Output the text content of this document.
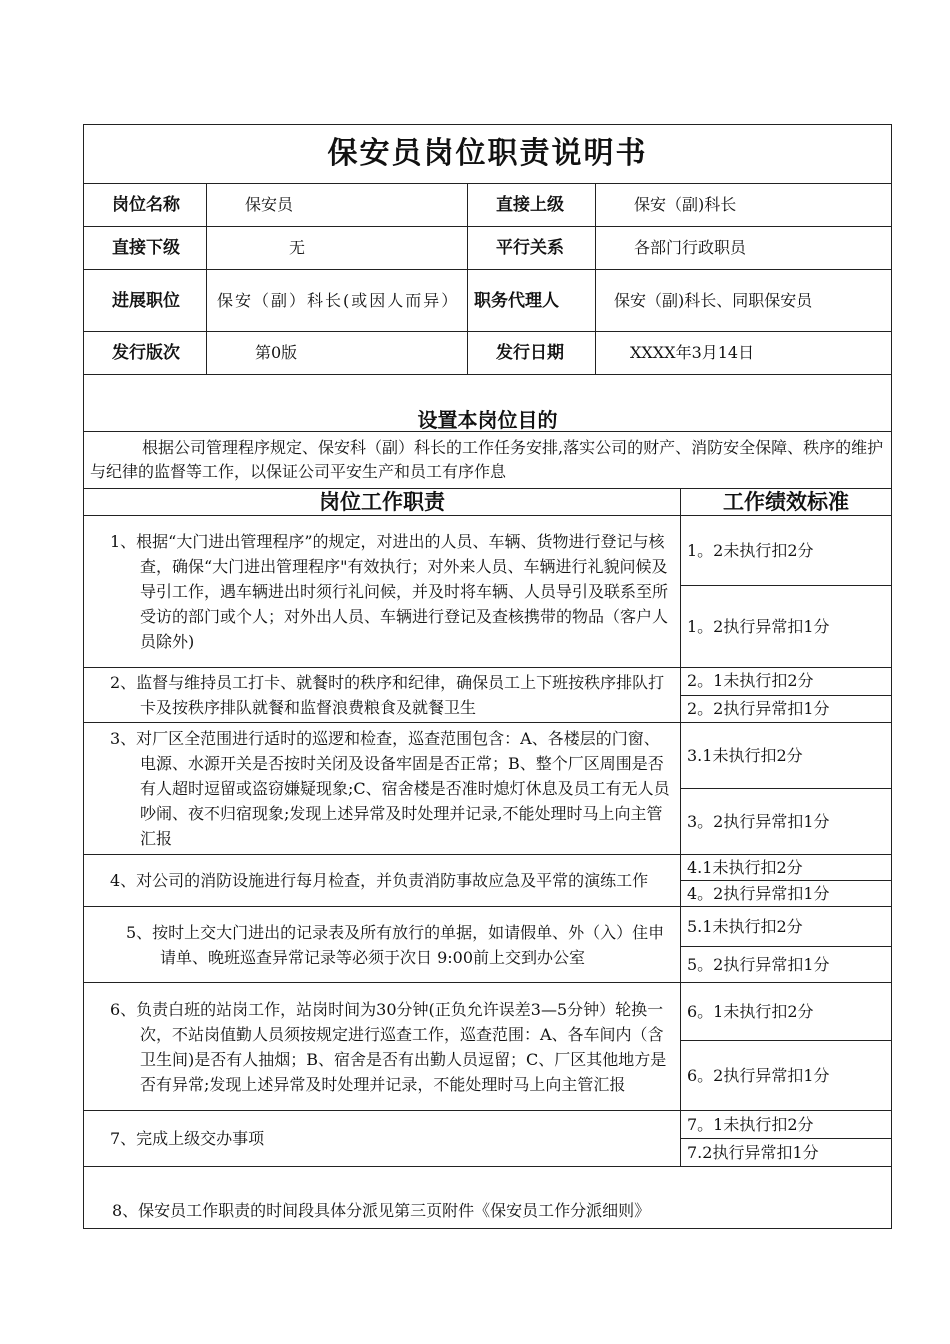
保安员岗位职责说明书				
岗位名称	保安员	直接上级	保安（副)科长	
直接下级	无	平行关系	各部门行政职员	
进展职位	保安（副）科长(或因人而异）	职务代理人	保安（副)科长、同职保安员	
发行版次	第0版	发行日期	XXXX年3月14日	
设置本岗位目的				
根据公司管理程序规定、保安科（副）科长的工作任务安排,落实公司的财产、消防安全保障、秩序的维护与纪律的监督等工作，以保证公司平安生产和员工有序作息				
岗位工作职责				工作绩效标准
1、根据“大门进出管理程序”的规定，对进出的人员、车辆、货物进行登记与核查，确保“大门进出管理程序"有效执行；对外来人员、车辆进行礼貌问候及导引工作，遇车辆进出时须行礼问候，并及时将车辆、人员导引及联系至所受访的部门或个人；对外出人员、车辆进行登记及查核携带的物品（客户人员除外)				1。2未执行扣2分
				1。2执行异常扣1分
2、监督与维持员工打卡、就餐时的秩序和纪律，确保员工上下班按秩序排队打卡及按秩序排队就餐和监督浪费粮食及就餐卫生				2。1未执行扣2分
				2。2执行异常扣1分
3、对厂区全范围进行适时的巡逻和检查，巡查范围包含：A、各楼层的门窗、电源、水源开关是否按时关闭及设备牢固是否正常；B、整个厂区周围是否有人超时逗留或盗窃嫌疑现象;C、宿舍楼是否准时熄灯休息及员工有无人员吵闹、夜不归宿现象;发现上述异常及时处理并记录,不能处理时马上向主管汇报				3.1未执行扣2分
				3。2执行异常扣1分
4、对公司的消防设施进行每月检查，并负责消防事故应急及平常的演练工作				4.1未执行扣2分
				4。2执行异常扣1分
5、按时上交大门进出的记录表及所有放行的单据，如请假单、外（入）住申请单、晚班巡查异常记录等必须于次日 9:00前上交到办公室				5.1未执行扣2分
				5。2执行异常扣1分
6、负责白班的站岗工作，站岗时间为30分钟(正负允许误差3—5分钟）轮换一次，不站岗值勤人员须按规定进行巡查工作，巡查范围：A、各车间内（含卫生间)是否有人抽烟；B、宿舍是否有出勤人员逗留；C、厂区其他地方是否有异常;发现上述异常及时处理并记录，不能处理时马上向主管汇报				6。1未执行扣2分
				6。2执行异常扣1分
7、完成上级交办事项				7。1未执行扣2分
				7.2执行异常扣1分
8、保安员工作职责的时间段具体分派见第三页附件《保安员工作分派细则》				
